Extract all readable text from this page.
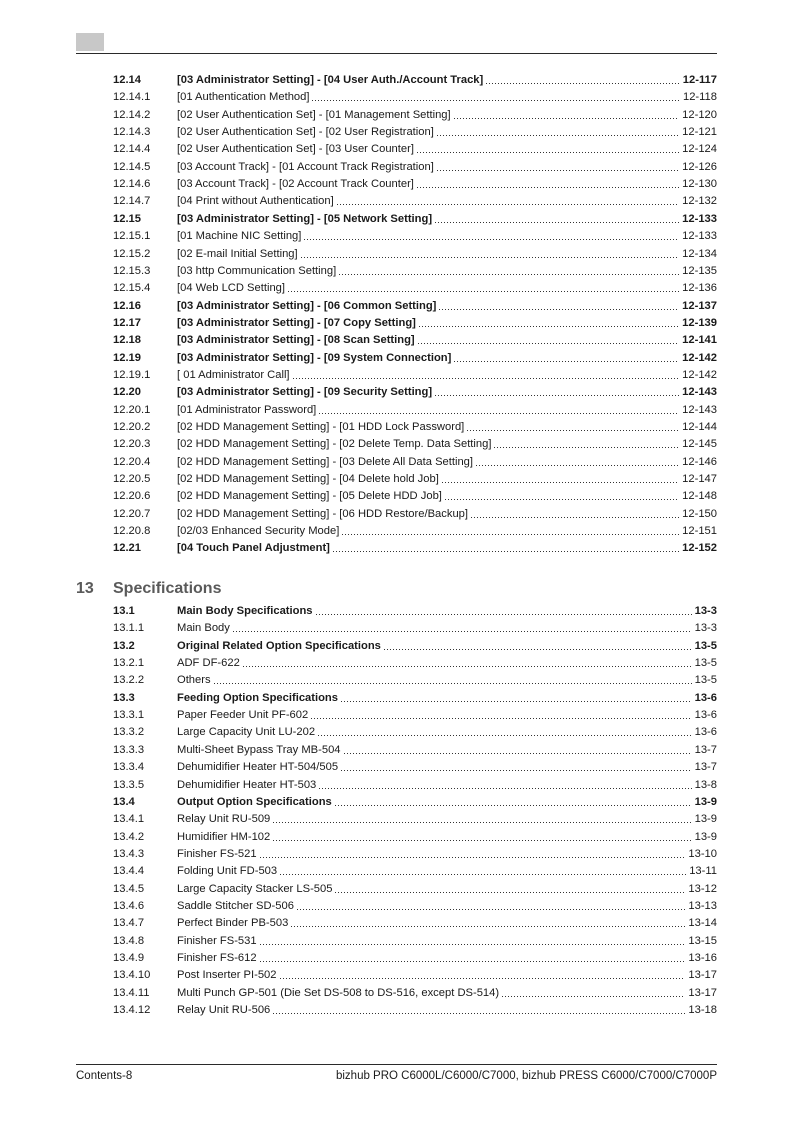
12.14	[03 Administrator Setting] - [04 User Auth./Account Track]	12-117
12.14.1	[01 Authentication Method]	12-118
12.14.2	[02 User Authentication Set] - [01 Management Setting]	12-120
12.14.3	[02 User Authentication Set] - [02 User Registration]	12-121
12.14.4	[02 User Authentication Set] - [03 User Counter]	12-124
12.14.5	[03 Account Track] - [01 Account Track Registration]	12-126
12.14.6	[03 Account Track] - [02 Account Track Counter]	12-130
12.14.7	[04 Print without Authentication]	12-132
12.15	[03 Administrator Setting] - [05 Network Setting]	12-133
12.15.1	[01 Machine NIC Setting]	12-133
12.15.2	[02 E-mail Initial Setting]	12-134
12.15.3	[03 http Communication Setting]	12-135
12.15.4	[04 Web LCD Setting]	12-136
12.16	[03 Administrator Setting] - [06 Common Setting]	12-137
12.17	[03 Administrator Setting] - [07 Copy Setting]	12-139
12.18	[03 Administrator Setting] - [08 Scan Setting]	12-141
12.19	[03 Administrator Setting] - [09 System Connection]	12-142
12.19.1	[ 01 Administrator Call]	12-142
12.20	[03 Administrator Setting] - [09 Security Setting]	12-143
12.20.1	[01 Administrator Password]	12-143
12.20.2	[02 HDD Management Setting] - [01 HDD Lock Password]	12-144
12.20.3	[02 HDD Management Setting] - [02 Delete Temp. Data Setting]	12-145
12.20.4	[02 HDD Management Setting] - [03 Delete All Data Setting]	12-146
12.20.5	[02 HDD Management Setting] - [04 Delete hold Job]	12-147
12.20.6	[02 HDD Management Setting] - [05 Delete HDD Job]	12-148
12.20.7	[02 HDD Management Setting] - [06 HDD Restore/Backup]	12-150
12.20.8	[02/03 Enhanced Security Mode]	12-151
12.21	[04 Touch Panel Adjustment]	12-152
13.1	Main Body Specifications	13-3
13.1.1	Main Body	13-3
13.2	Original Related Option Specifications	13-5
13.2.1	ADF DF-622	13-5
13.2.2	Others	13-5
13.3	Feeding Option Specifications	13-6
13.3.1	Paper Feeder Unit PF-602	13-6
13.3.2	Large Capacity Unit LU-202	13-6
13.3.3	Multi-Sheet Bypass Tray MB-504	13-7
13.3.4	Dehumidifier Heater HT-504/505	13-7
13.3.5	Dehumidifier Heater HT-503	13-8
13.4	Output Option Specifications	13-9
13.4.1	Relay Unit RU-509	13-9
13.4.2	Humidifier HM-102	13-9
13.4.3	Finisher FS-521	13-10
13.4.4	Folding Unit FD-503	13-11
13.4.5	Large Capacity Stacker LS-505	13-12
13.4.6	Saddle Stitcher SD-506	13-13
13.4.7	Perfect Binder PB-503	13-14
13.4.8	Finisher FS-531	13-15
13.4.9	Finisher FS-612	13-16
13.4.10	Post Inserter PI-502	13-17
13.4.11	Multi Punch GP-501 (Die Set DS-508 to DS-516, except DS-514)	13-17
13.4.12	Relay Unit RU-506	13-18
13	Specifications
Contents-8	bizhub PRO C6000L/C6000/C7000, bizhub PRESS C6000/C7000/C7000P
